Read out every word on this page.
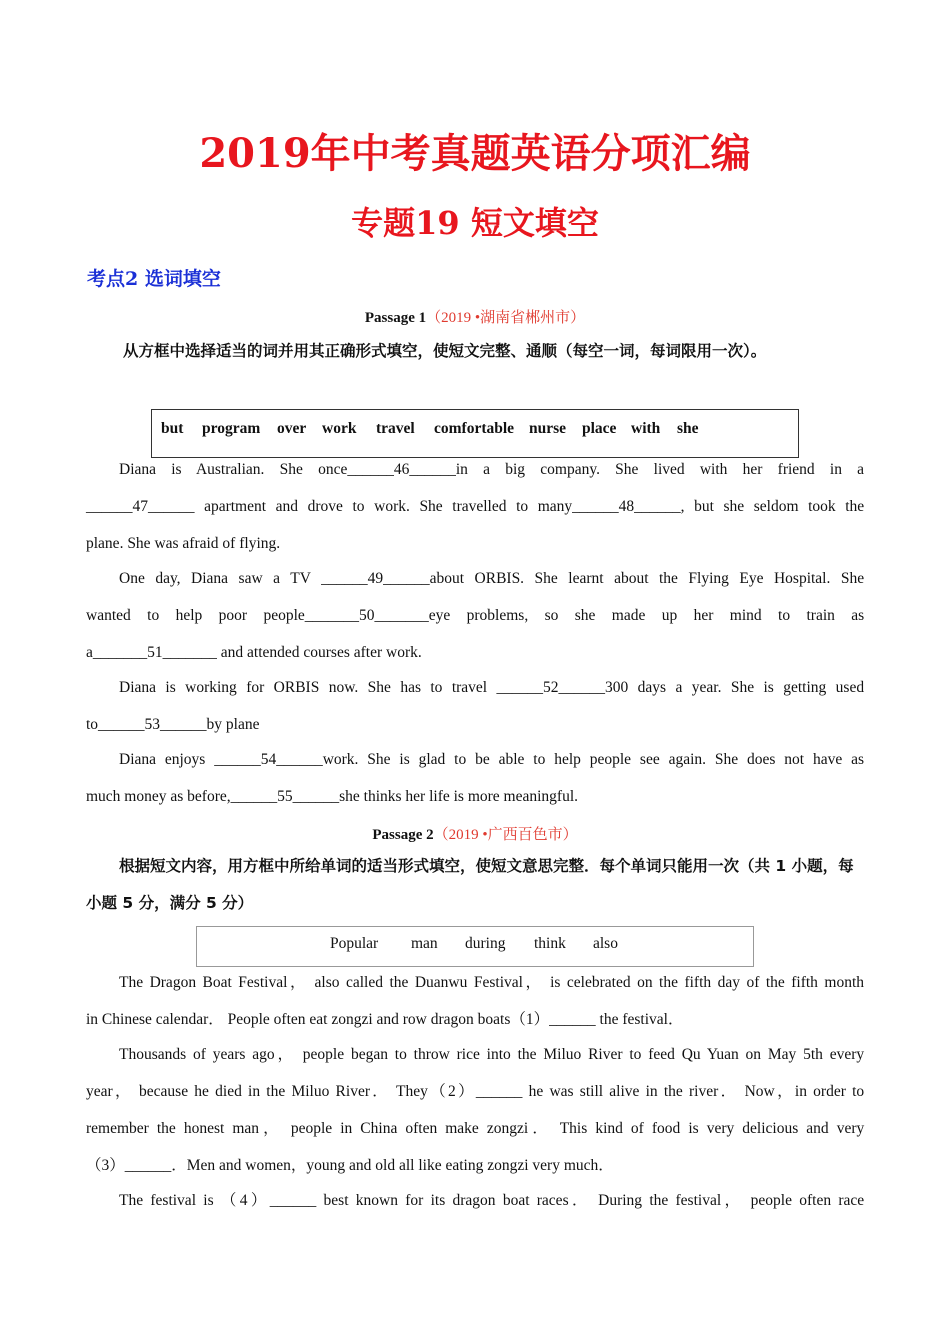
2019年中考真题英语分项汇编
专题19 短文填空
考点2 选词填空
Passage 1（2019 •湖南省郴州市）
从方框中选择适当的词并用其正确形式填空，使短文完整、通顺（每空一词，每词限用一次）。
but program over work travel comfortable nurse place with she
Diana is Australian. She once______46______in a big company. She lived with her friend in a
______47______ apartment and drove to work. She travelled to many______48______, but she seldom took the
plane. She was afraid of flying.
One day, Diana saw a TV ______49______about ORBIS. She learnt about the Flying Eye Hospital. She
wanted to help poor people_______50_______eye problems, so she made up her mind to train as
a_______51_______ and attended courses after work.
Diana is working for ORBIS now. She has to travel ______52______300 days a year. She is getting used
to______53______by plane
Diana enjoys ______54______work. She is glad to be able to help people see again. She does not have as
much money as before,______55______she thinks her life is more meaningful.
Passage 2（2019 •广西百色市）
根据短文内容，用方框中所给单词的适当形式填空，使短文意思完整．每个单词只能用一次（共 1 小题，每小题 5 分，满分 5 分）
Popular man during think also
The Dragon Boat Festival， also called the Duanwu Festival， is celebrated on the fifth day of the fifth month
in Chinese calendar． People often eat zongzi and row dragon boats（1）______ the festival．
Thousands of years ago， people began to throw rice into the Miluo River to feed Qu Yuan on May 5th every
year， because he died in the Miluo River． They（2）______ he was still alive in the river． Now，in order to
remember the honest man， people in China often make zongzi． This kind of food is very delicious and very
（3）______．Men and women，young and old all like eating zongzi very much．
The festival is （4）______ best known for its dragon boat races． During the festival， people often race
